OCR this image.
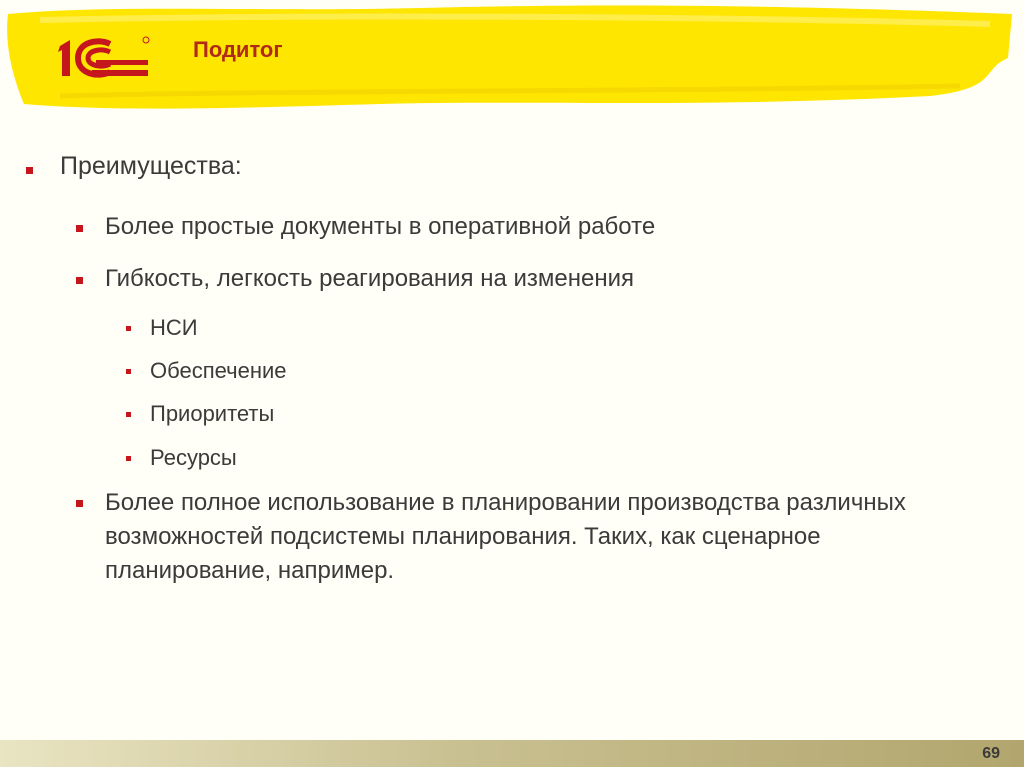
Подитог
Преимущества:
Более простые документы в оперативной работе
Гибкость, легкость реагирования на изменения
НСИ
Обеспечение
Приоритеты
Ресурсы
Более полное использование в планировании производства различных возможностей подсистемы планирования. Таких, как сценарное планирование, например.
69
